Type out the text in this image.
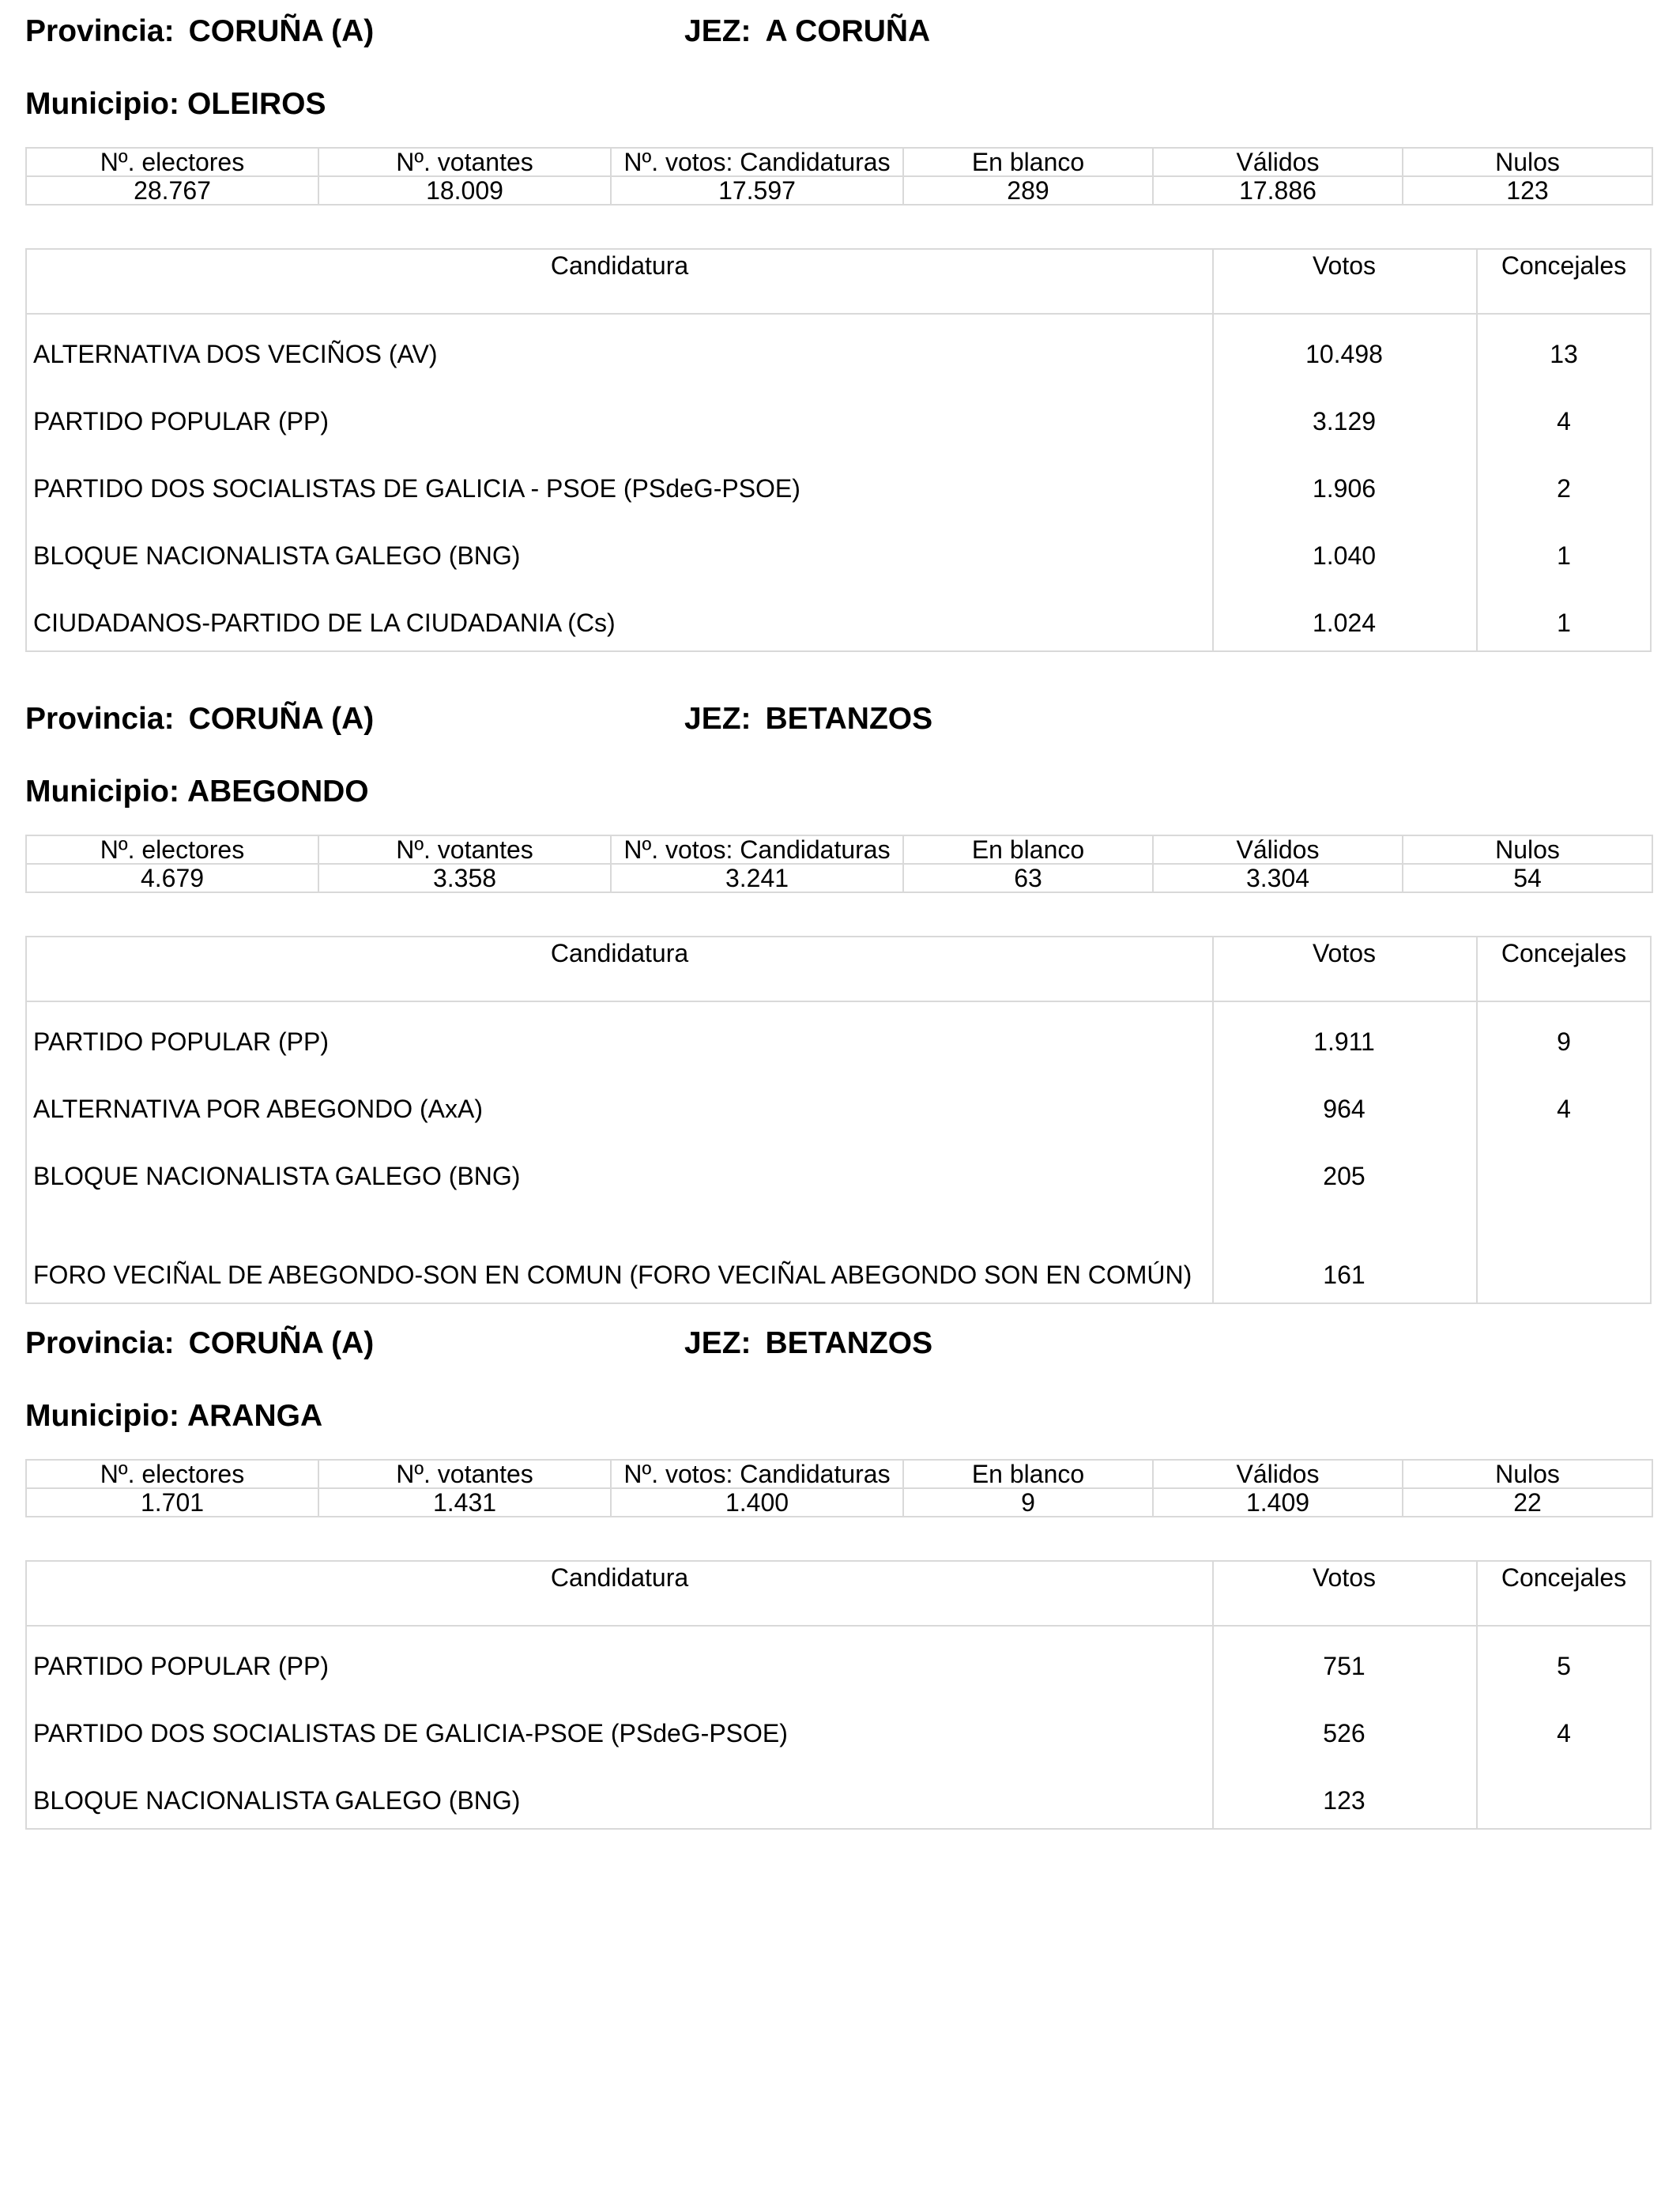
Provincia: CORUÑA (A)	JEZ: A CORUÑA
Municipio: OLEIROS
Nº. electores	Nº. votantes	Nº. votos: Candidaturas	En blanco	Válidos	Nulos
28.767	18.009	17.597	289	17.886	123
Candidatura	Votos	Concejales
ALTERNATIVA DOS VECIÑOS (AV)	10.498	13
PARTIDO POPULAR (PP)	3.129	4
PARTIDO DOS SOCIALISTAS DE GALICIA - PSOE (PSdeG-PSOE)	1.906	2
BLOQUE NACIONALISTA GALEGO (BNG)	1.040	1
CIUDADANOS-PARTIDO DE LA CIUDADANIA (Cs)	1.024	1
Provincia: CORUÑA (A)	JEZ: BETANZOS
Municipio: ABEGONDO
Nº. electores	Nº. votantes	Nº. votos: Candidaturas	En blanco	Válidos	Nulos
4.679	3.358	3.241	63	3.304	54
Candidatura	Votos	Concejales
PARTIDO POPULAR (PP)	1.911	9
ALTERNATIVA POR ABEGONDO (AxA)	964	4
BLOQUE NACIONALISTA GALEGO (BNG)	205
FORO VECIÑAL DE ABEGONDO-SON EN COMUN (FORO VECIÑAL ABEGONDO SON EN COMÚN)	161
Provincia: CORUÑA (A)	JEZ: BETANZOS
Municipio: ARANGA
Nº. electores	Nº. votantes	Nº. votos: Candidaturas	En blanco	Válidos	Nulos
1.701	1.431	1.400	9	1.409	22
Candidatura	Votos	Concejales
PARTIDO POPULAR (PP)	751	5
PARTIDO DOS SOCIALISTAS DE GALICIA-PSOE (PSdeG-PSOE)	526	4
BLOQUE NACIONALISTA GALEGO (BNG)	123
